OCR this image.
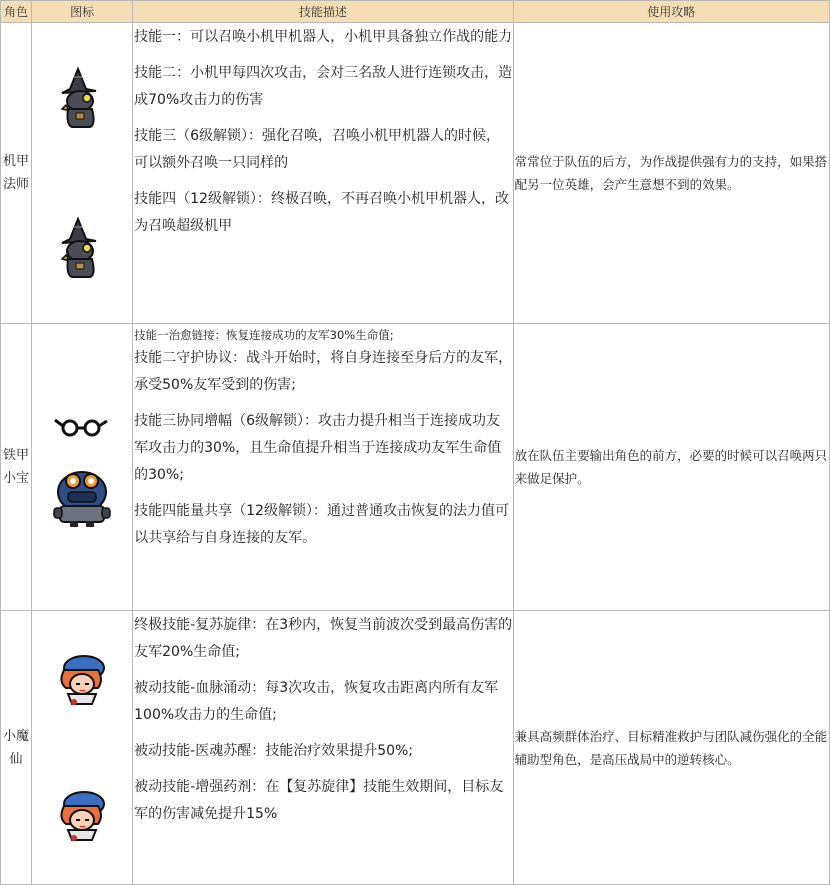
角色	图标	技能描述	使用攻略
机甲法师		技能一：可以召唤小机甲机器人，小机甲具备独立作战的能力

技能二：小机甲每四次攻击，会对三名敌人进行连锁攻击，造成70%攻击力的伤害

技能三（6级解锁）：强化召唤，召唤小机甲机器人的时候，可以额外召唤一只同样的

技能四（12级解锁）：终极召唤，不再召唤小机甲机器人，改为召唤超级机甲	常常位于队伍的后方，为作战提供强有力的支持，如果搭配另一位英雄，会产生意想不到的效果。
铁甲小宝		技能一治愈链接：恢复连接成功的友军30%生命值;

技能二守护协议：战斗开始时，将自身连接至身后方的友军，承受50%友军受到的伤害;

技能三协同增幅（6级解锁）：攻击力提升相当于连接成功友军攻击力的30%，且生命值提升相当于连接成功友军生命值的30%;

技能四能量共享（12级解锁）：通过普通攻击恢复的法力值可以共享给与自身连接的友军。	放在队伍主要输出角色的前方，必要的时候可以召唤两只来做足保护。
小魔仙		终极技能-复苏旋律：在3秒内，恢复当前波次受到最高伤害的友军20%生命值;

被动技能-血脉涌动：每3次攻击，恢复攻击距离内所有友军100%攻击力的生命值;

被动技能-医魂苏醒：技能治疗效果提升50%;

被动技能-增强药剂：在【复苏旋律】技能生效期间，目标友军的伤害减免提升15%	兼具高频群体治疗、目标精准救护与团队减伤强化的全能辅助型角色，是高压战局中的逆转核心。
